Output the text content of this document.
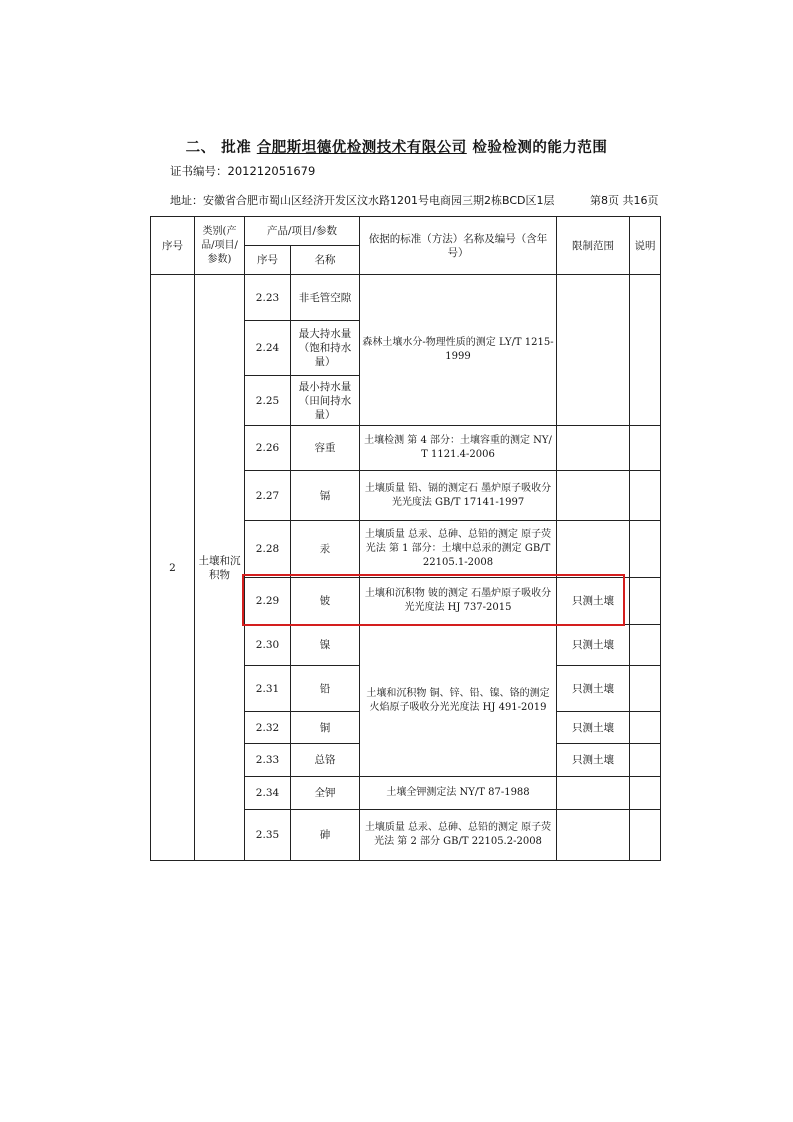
二、 批准 合肥斯坦德优检测技术有限公司 检验检测的能力范围
证书编号：201212051679
地址：安徽省合肥市蜀山区经济开发区汶水路1201号电商园三期2栋BCD区1层	第8页 共16页
序号	类别(产品/项目/参数)	产品/项目/参数		依据的标准（方法）名称及编号（含年号）	限制范围	说明
		序号	名称			
2	土壤和沉积物	2.23	非毛管空隙	森林土壤水分-物理性质的测定 LY/T 1215-1999		
		2.24	最大持水量（饱和持水量）			
		2.25	最小持水量（田间持水量）			
		2.26	容重	土壤检测 第 4 部分：土壤容重的测定 NY/T 1121.4-2006		
		2.27	镉	土壤质量 铅、镉的测定石 墨炉原子吸收分光光度法 GB/T 17141-1997		
		2.28	汞	土壤质量 总汞、总砷、总铅的测定 原子荧光法 第 1 部分：土壤中总汞的测定 GB/T 22105.1-2008		
		2.29	铍	土壤和沉积物 铍的测定 石墨炉原子吸收分光光度法 HJ 737-2015	只测土壤	
		2.30	镍	土壤和沉积物 铜、锌、铅、镍、铬的测定 火焰原子吸收分光光度法 HJ 491-2019	只测土壤	
		2.31	铅		只测土壤	
		2.32	铜		只测土壤	
		2.33	总铬		只测土壤	
		2.34	全钾	土壤全钾测定法 NY/T 87-1988		
		2.35	砷	土壤质量 总汞、总砷、总铅的测定 原子荧光法 第 2 部分 GB/T 22105.2-2008		
